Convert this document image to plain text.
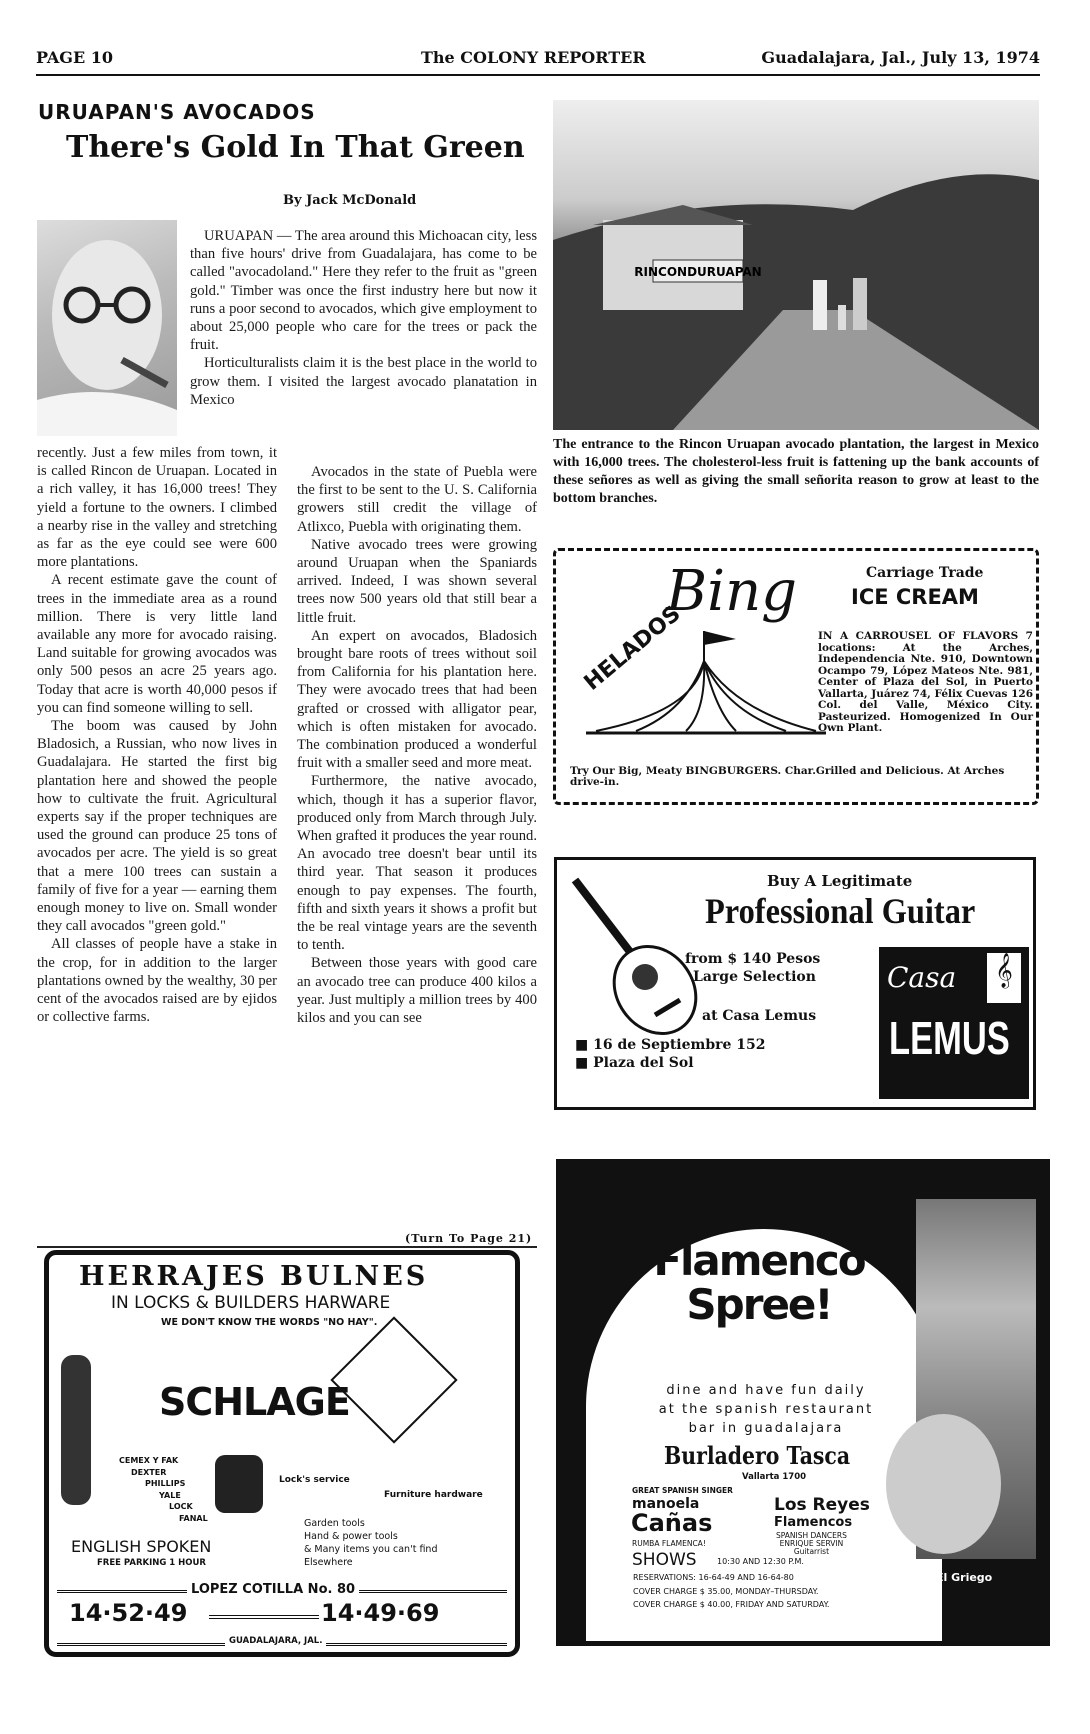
PAGE 10	The COLONY REPORTER	Guadalajara, Jal., July 13, 1974
URUAPAN'S AVOCADOS
There's Gold In That Green
By Jack McDonald

URUAPAN — The area around this Michoacan city, less than five hours' drive from Guadalajara, has come to be called "avocadoland." Here they refer to the fruit as "green gold." Timber was once the first industry here but now it runs a poor second to avocados, which give employment to about 25,000 people who care for the trees or pack the fruit.

Horticulturalists claim it is the best place in the world to grow them. I visited the largest avocado planatation in Mexico

recently. Just a few miles from town, it is called Rincon de Uruapan. Located in a rich valley, it has 16,000 trees! They yield a fortune to the owners. I climbed a nearby rise in the valley and stretching as far as the eye could see were 600 more plantations.

A recent estimate gave the count of trees in the immediate area as a round million. There is very little land available any more for avocado raising. Land suitable for growing avocados was only 500 pesos an acre 25 years ago. Today that acre is worth 40,000 pesos if you can find someone willing to sell.

The boom was caused by John Bladosich, a Russian, who now lives in Guadalajara. He started the first big plantation here and showed the people how to cultivate the fruit. Agricultural experts say if the proper techniques are used the ground can produce 25 tons of avocados per acre. The yield is so great that a mere 100 trees can sustain a family of five for a year — earning them enough money to live on. Small wonder they call avocados "green gold."

All classes of people have a stake in the crop, for in addition to the larger plantations owned by the wealthy, 30 per cent of the avocados raised are by ejidos or collective farms.

Avocados in the state of Puebla were the first to be sent to the U. S. California growers still credit the village of Atlixco, Puebla with originating them.

Native avocado trees were growing around Uruapan when the Spaniards arrived. Indeed, I was shown several trees now 500 years old that still bear a little fruit.

An expert on avocados, Bladosich brought bare roots of trees without soil from California for his plantation here. They were avocado trees that had been grafted or crossed with alligator pear, which is often mistaken for avocado. The combination produced a wonderful fruit with a smaller seed and more meat.

Furthermore, the native avocado, which, though it has a superior flavor, produced only from March through July. When grafted it produces the year round. An avocado tree doesn't bear until its third year. That season it produces enough to pay expenses. The fourth, fifth and sixth years it shows a profit but the be real vintage years are the seventh to tenth.

Between those years with good care an avocado tree can produce 400 kilos a year. Just multiply a million trees by 400 kilos and you can see

(Turn To Page 21)
RINCONDURUAPAN
The entrance to the Rincon Uruapan avocado plantation, the largest in Mexico with 16,000 trees. The cholesterol-less fruit is fattening up the bank accounts of these señores as well as giving the small señorita reason to grow at least to the bottom branches.
HELADOS
Bing	Carriage Trade
ICE CREAM
IN A CARROUSEL OF FLAVORS 7 locations: At the Arches, Independencia Nte. 910, Downtown Ocampo 79, López Mateos Nte. 981, Center of Plaza del Sol, in Puerto Vallarta, Juárez 74, Félix Cuevas 126 Col. del Valle, México City. Pasteurized. Homogenized In Our Own Plant.
Try Our Big, Meaty BINGBURGERS. Char.Grilled and Delicious. At Arches drive-in.
Buy A Legitimate
Professional Guitar
from $ 140 Pesos
Large Selection
at Casa Lemus
■ 16 de Septiembre 152
■ Plaza del Sol
Casa 𝄞
LEMUS
HERRAJES BULNES
IN LOCKS & BUILDERS HARWARE
WE DON'T KNOW THE WORDS "NO HAY".
SCHLAGE
CEMEX Y FAK
DEXTER
PHILLIPS
YALE
LOCK
FANAL
Lock's service
Furniture hardware
ENGLISH SPOKEN
FREE PARKING 1 HOUR
Garden tools
Hand & power tools
& Many items you can't find
Elsewhere
LOPEZ COTILLA No. 80
14·52·49	14·49·69
GUADALAJARA, JAL.
El Griego
Flamenco
Spree!
dine and have fun daily
at the spanish restaurant
bar in guadalajara
Burladero Tasca
Vallarta 1700
GREAT SPANISH SINGER
manoela
Cañas
RUMBA FLAMENCA!
Los Reyes
Flamencos
SPANISH DANCERS
ENRIQUE SERVIN
Guitarrist
SHOWS	10:30 AND 12:30 P.M.
RESERVATIONS: 16-64-49 AND 16-64-80
COVER CHARGE $ 35.00, MONDAY–THURSDAY.
COVER CHARGE $ 40.00, FRIDAY AND SATURDAY.
